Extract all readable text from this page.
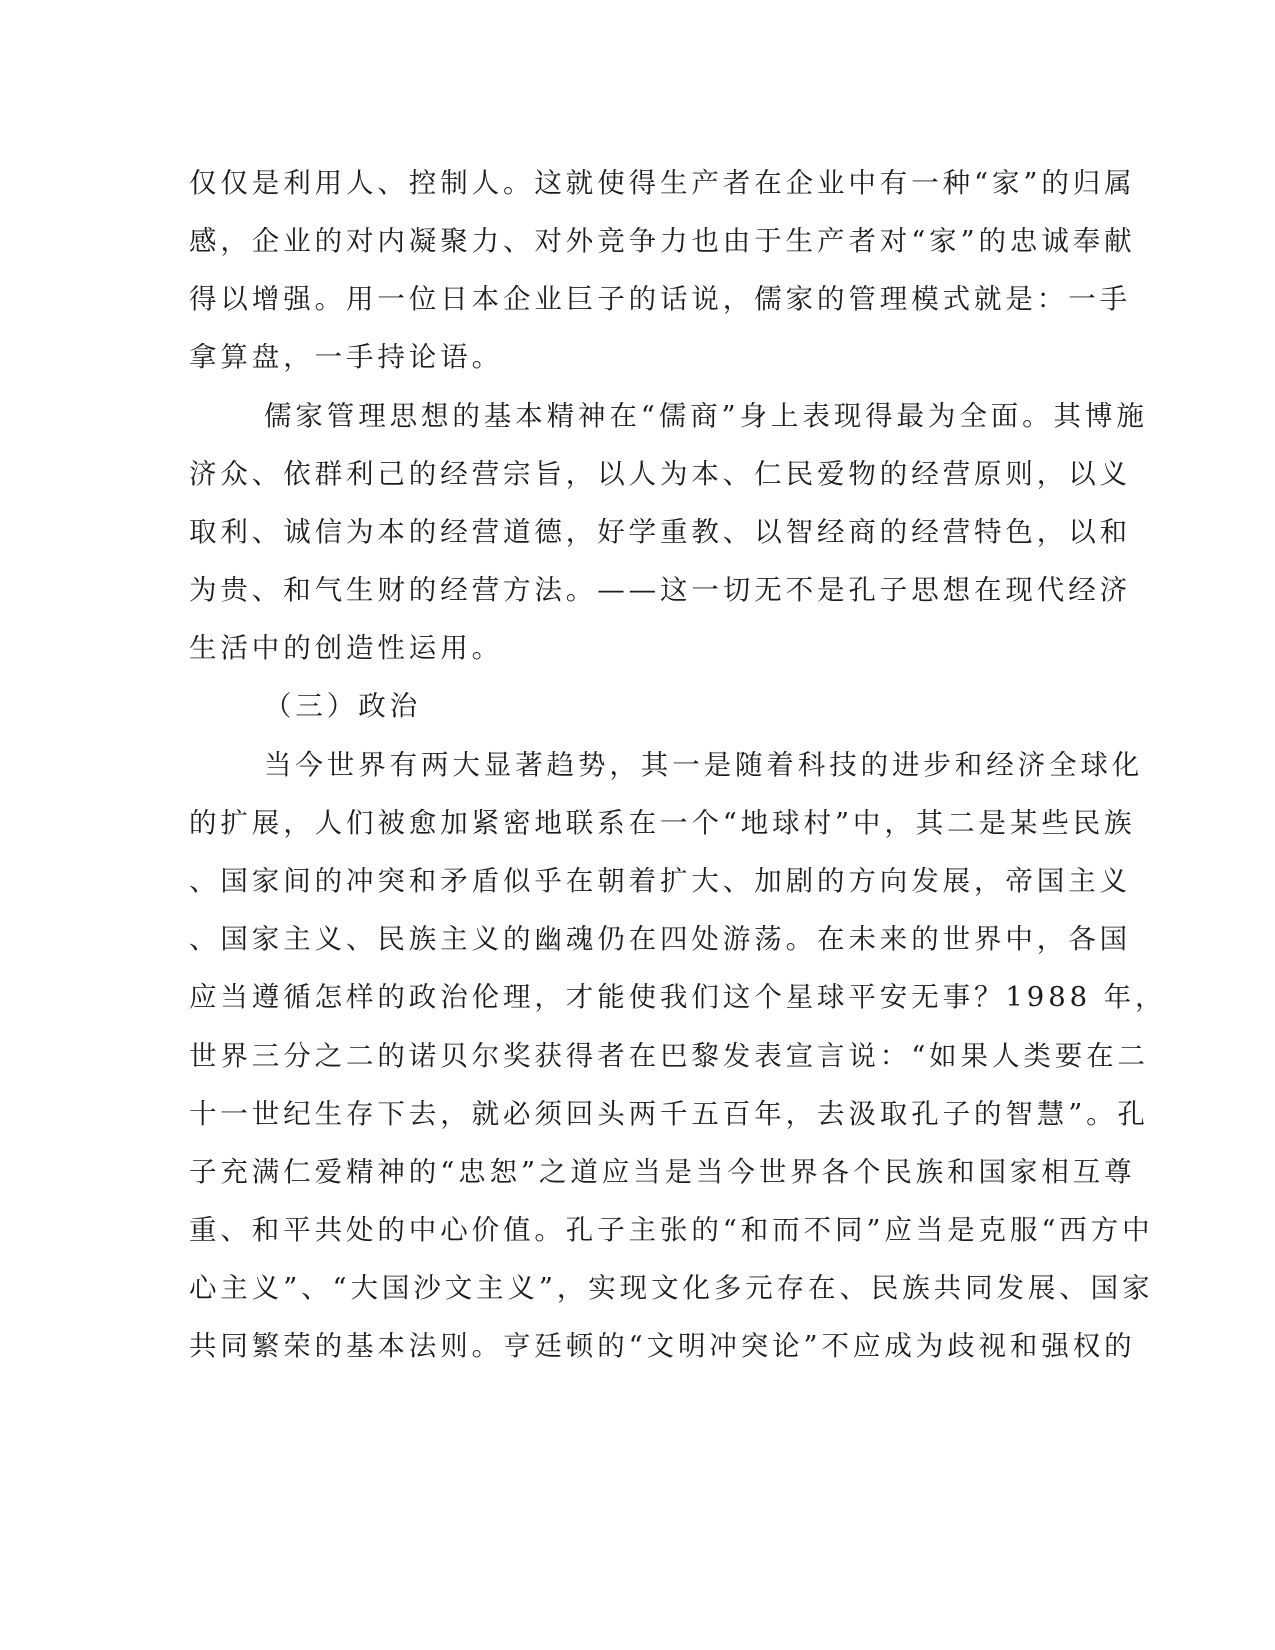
仅仅是利用人、控制人。这就使得生产者在企业中有一种“家”的归属
感，企业的对内凝聚力、对外竞争力也由于生产者对“家”的忠诚奉献
得以增强。用一位日本企业巨子的话说，儒家的管理模式就是：一手
拿算盘，一手持论语。
儒家管理思想的基本精神在“儒商”身上表现得最为全面。其博施
济众、依群利己的经营宗旨，以人为本、仁民爱物的经营原则，以义
取利、诚信为本的经营道德，好学重教、以智经商的经营特色，以和
为贵、和气生财的经营方法。——这一切无不是孔子思想在现代经济
生活中的创造性运用。
（三）政治
当今世界有两大显著趋势，其一是随着科技的进步和经济全球化
的扩展，人们被愈加紧密地联系在一个“地球村”中，其二是某些民族
、国家间的冲突和矛盾似乎在朝着扩大、加剧的方向发展，帝国主义
、国家主义、民族主义的幽魂仍在四处游荡。在未来的世界中，各国
应当遵循怎样的政治伦理，才能使我们这个星球平安无事？1988 年，
世界三分之二的诺贝尔奖获得者在巴黎发表宣言说：“如果人类要在二
十一世纪生存下去，就必须回头两千五百年，去汲取孔子的智慧”。孔
子充满仁爱精神的“忠恕”之道应当是当今世界各个民族和国家相互尊
重、和平共处的中心价值。孔子主张的“和而不同”应当是克服“西方中
心主义”、“大国沙文主义”，实现文化多元存在、民族共同发展、国家
共同繁荣的基本法则。亨廷顿的“文明冲突论”不应成为歧视和强权的
